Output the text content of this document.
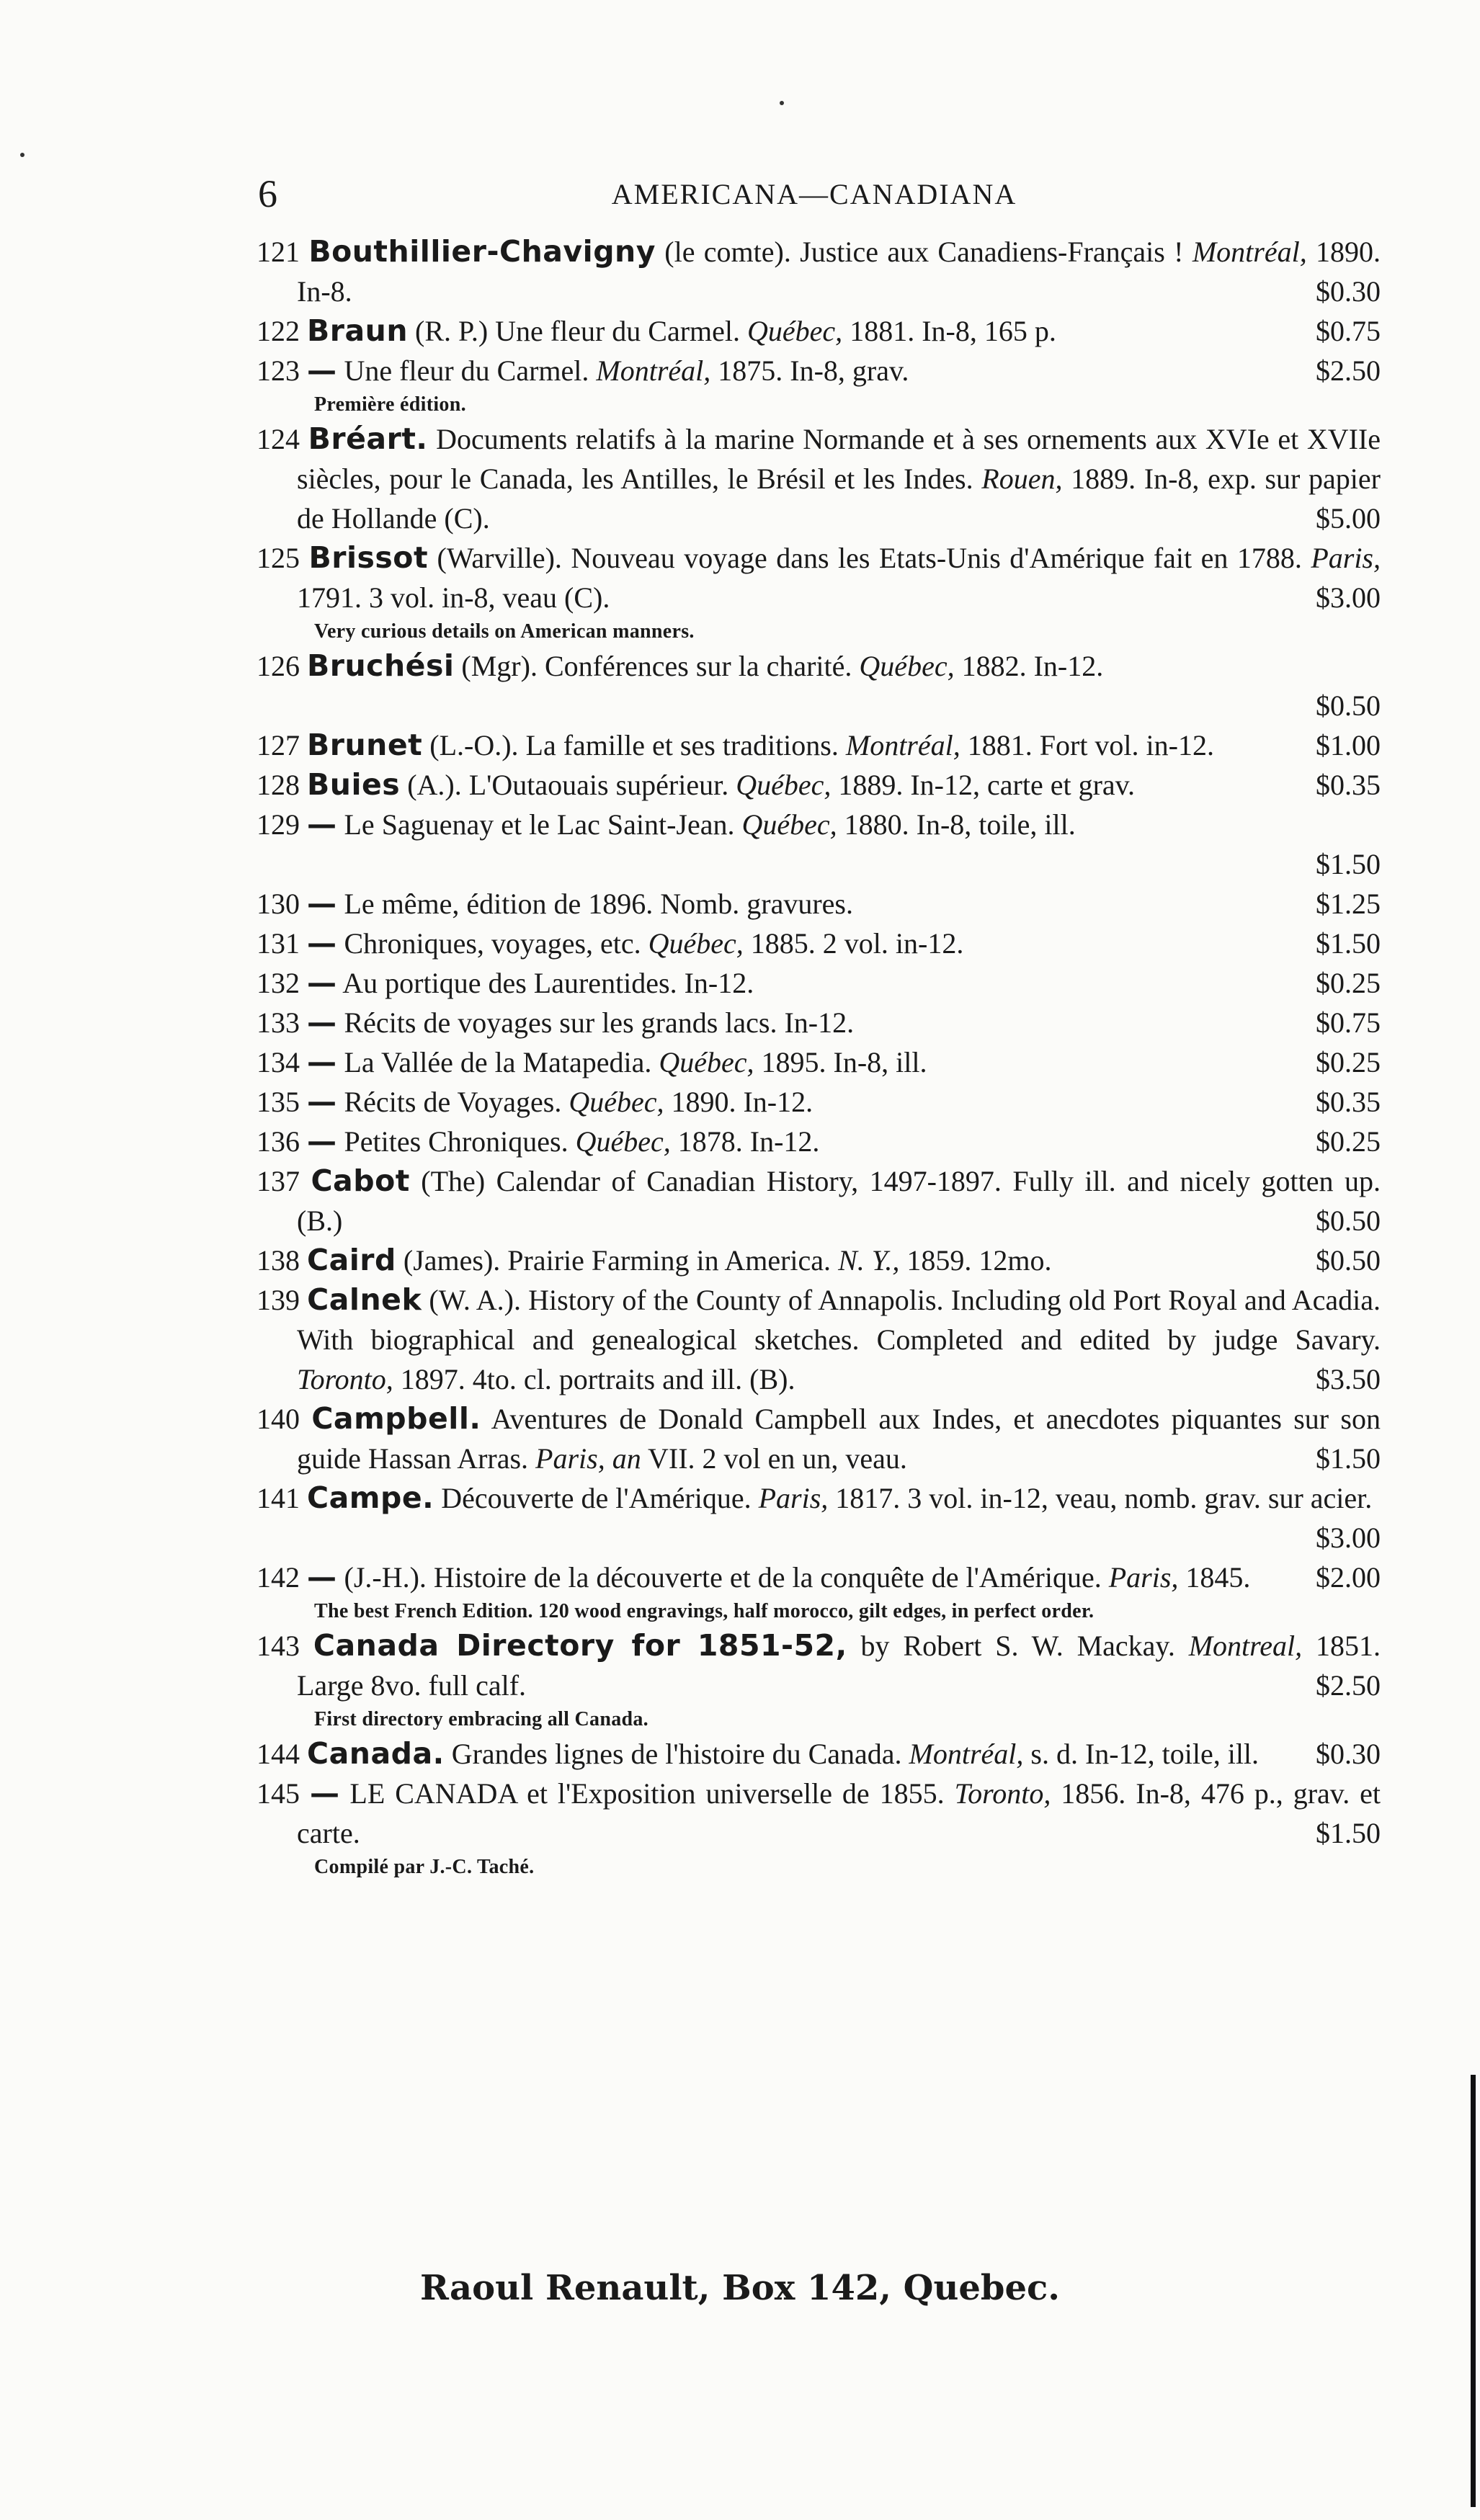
6	AMERICANA—CANADIANA
121 Bouthillier-Chavigny (le comte). Justice aux Canadiens-Français ! Montréal, 1890. In-8.	$0.30
122 Braun (R. P.) Une fleur du Carmel. Québec, 1881. In-8, 165 p.	$0.75
123 — Une fleur du Carmel. Montréal, 1875. In-8, grav.	$2.50
Première édition.
124 Bréart. Documents relatifs à la marine Normande et à ses ornements aux XVIe et XVIIe siècles, pour le Canada, les Antilles, le Brésil et les Indes. Rouen, 1889. In-8, exp. sur papier de Hollande (C).	$5.00
125 Brissot (Warville). Nouveau voyage dans les Etats-Unis d'Amérique fait en 1788. Paris, 1791. 3 vol. in-8, veau (C).	$3.00
Very curious details on American manners.
126 Bruchési (Mgr). Conférences sur la charité. Québec, 1882. In-12.
$0.50
127 Brunet (L.-O.). La famille et ses traditions. Montréal, 1881. Fort vol. in-12.	$1.00
128 Buies (A.). L'Outaouais supérieur. Québec, 1889. In-12, carte et grav.	$0.35
129 — Le Saguenay et le Lac Saint-Jean. Québec, 1880. In-8, toile, ill.
$1.50
130 — Le même, édition de 1896. Nomb. gravures.	$1.25
131 — Chroniques, voyages, etc. Québec, 1885. 2 vol. in-12.	$1.50
132 — Au portique des Laurentides. In-12.	$0.25
133 — Récits de voyages sur les grands lacs. In-12.	$0.75
134 — La Vallée de la Matapedia. Québec, 1895. In-8, ill.	$0.25
135 — Récits de Voyages. Québec, 1890. In-12.	$0.35
136 — Petites Chroniques. Québec, 1878. In-12.	$0.25
137 Cabot (The) Calendar of Canadian History, 1497-1897. Fully ill. and nicely gotten up. (B.)	$0.50
138 Caird (James). Prairie Farming in America. N. Y., 1859. 12mo.	$0.50
139 Calnek (W. A.). History of the County of Annapolis. Including old Port Royal and Acadia. With biographical and genealogical sketches. Completed and edited by judge Savary. Toronto, 1897. 4to. cl. portraits and ill. (B).	$3.50
140 Campbell. Aventures de Donald Campbell aux Indes, et anecdotes piquantes sur son guide Hassan Arras. Paris, an VII. 2 vol en un, veau.	$1.50
141 Campe. Découverte de l'Amérique. Paris, 1817. 3 vol. in-12, veau, nomb. grav. sur acier.
$3.00
142 — (J.-H.). Histoire de la découverte et de la conquête de l'Amérique. Paris, 1845. $2.00
The best French Edition. 120 wood engravings, half morocco, gilt edges, in perfect order.
143 Canada Directory for 1851-52, by Robert S. W. Mackay. Montreal, 1851. Large 8vo. full calf.	$2.50
First directory embracing all Canada.
144 Canada. Grandes lignes de l'histoire du Canada. Montréal, s. d. In-12, toile, ill. $0.30
145 — LE CANADA et l'Exposition universelle de 1855. Toronto, 1856. In-8, 476 p., grav. et carte.	$1.50
Compilé par J.-C. Taché.
Raoul Renault, Box 142, Quebec.
